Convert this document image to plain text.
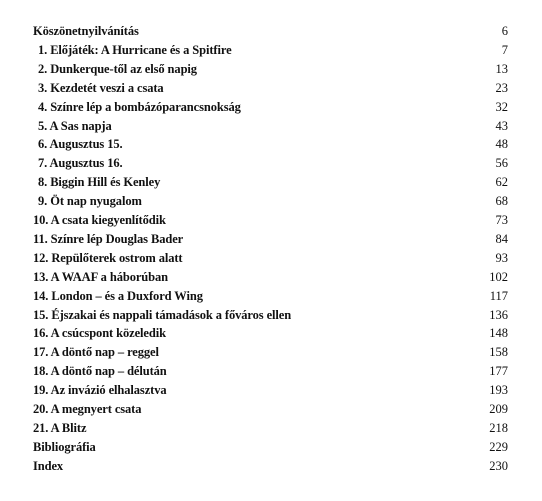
Köszönetnyilvánítás	6
1. Előjáték: A Hurricane és a Spitfire	7
2. Dunkerque-től az első napig	13
3. Kezdetét veszi a csata	23
4. Színre lép a bombázóparancsnokság	32
5. A Sas napja	43
6. Augusztus 15.	48
7. Augusztus 16.	56
8. Biggin Hill és Kenley	62
9. Öt nap nyugalom	68
10. A csata kiegyenlítődik	73
11. Színre lép Douglas Bader	84
12. Repülőterek ostrom alatt	93
13. A WAAF a háborúban	102
14. London – és a Duxford Wing	117
15. Éjszakai és nappali támadások a főváros ellen	136
16. A csúcspont közeledik	148
17. A döntő nap – reggel	158
18. A döntő nap – délután	177
19. Az invázió elhalasztva	193
20. A megnyert csata	209
21. A Blitz	218
Bibliográfia	229
Index	230
